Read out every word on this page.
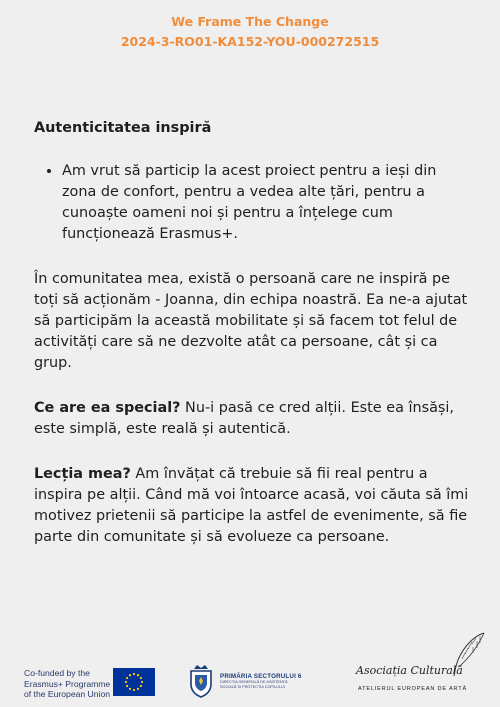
We Frame The Change
2024-3-RO01-KA152-YOU-000272515
Autenticitatea inspiră
• Am vrut să particip la acest proiect pentru a ieși din zona de confort, pentru a vedea alte țări, pentru a cunoaște oameni noi și pentru a înțelege cum funcționează Erasmus+.

În comunitatea mea, există o persoană care ne inspiră pe toți să acționăm - Joanna, din echipa noastră. Ea ne-a ajutat să participăm la această mobilitate și să facem tot felul de activități care să ne dezvolte atât ca persoane, cât și ca grup.

Ce are ea special? Nu-i pasă ce cred alții. Este ea însăși, este simplă, este reală și autentică.

Lecția mea? Am învățat că trebuie să fii real pentru a inspira pe alții. Când mă voi întoarce acasă, voi căuta să îmi motivez prietenii să participe la astfel de evenimente, să fie parte din comunitate și să evolueze ca persoane.

Co-funded by the
Erasmus+ Programme
of the European Union
PRIMĂRIA SECTORULUI 6
DIRECȚIA GENERALĂ DE ASISTENȚĂ
SOCIALĂ ȘI PROTECȚIA COPILULUI
Asociația Culturală
ATELIERUL EUROPEAN DE ARTĂ
